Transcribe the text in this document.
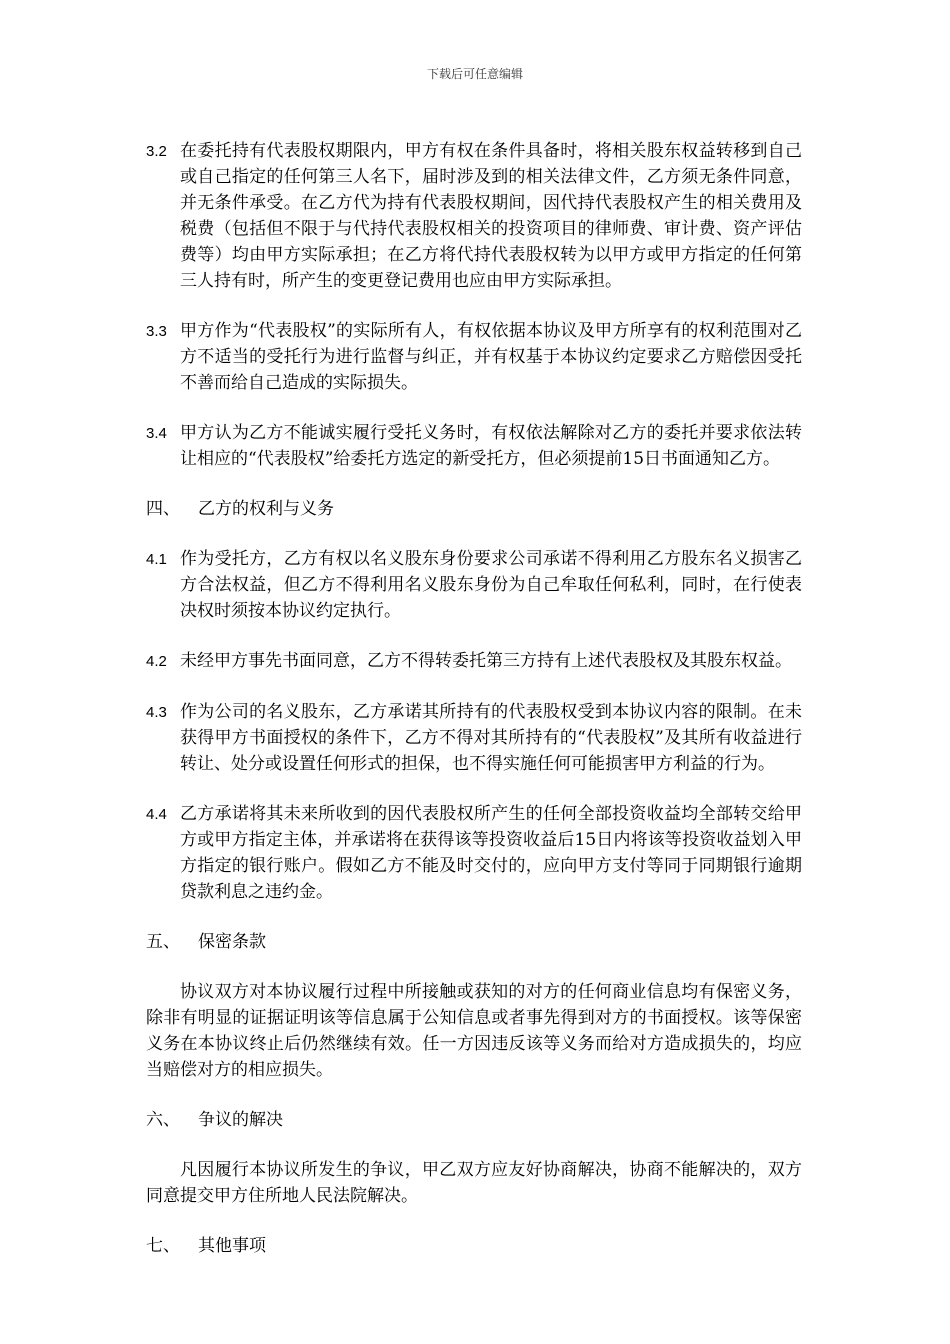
下载后可任意编辑
3.2 在委托持有代表股权期限内，甲方有权在条件具备时，将相关股东权益转移到自己或自己指定的任何第三人名下，届时涉及到的相关法律文件，乙方须无条件同意，并无条件承受。在乙方代为持有代表股权期间，因代持代表股权产生的相关费用及税费（包括但不限于与代持代表股权相关的投资项目的律师费、审计费、资产评估费等）均由甲方实际承担；在乙方将代持代表股权转为以甲方或甲方指定的任何第三人持有时，所产生的变更登记费用也应由甲方实际承担。
3.3 甲方作为“代表股权”的实际所有人，有权依据本协议及甲方所享有的权利范围对乙方不适当的受托行为进行监督与纠正，并有权基于本协议约定要求乙方赔偿因受托不善而给自己造成的实际损失。
3.4 甲方认为乙方不能诚实履行受托义务时，有权依法解除对乙方的委托并要求依法转让相应的“代表股权”给委托方选定的新受托方，但必须提前15日书面通知乙方。
四、	乙方的权利与义务
4.1 作为受托方，乙方有权以名义股东身份要求公司承诺不得利用乙方股东名义损害乙方合法权益，但乙方不得利用名义股东身份为自己牟取任何私利，同时，在行使表决权时须按本协议约定执行。
4.2 未经甲方事先书面同意，乙方不得转委托第三方持有上述代表股权及其股东权益。
4.3 作为公司的名义股东，乙方承诺其所持有的代表股权受到本协议内容的限制。在未获得甲方书面授权的条件下，乙方不得对其所持有的“代表股权”及其所有收益进行转让、处分或设置任何形式的担保，也不得实施任何可能损害甲方利益的行为。
4.4 乙方承诺将其未来所收到的因代表股权所产生的任何全部投资收益均全部转交给甲方或甲方指定主体，并承诺将在获得该等投资收益后15日内将该等投资收益划入甲方指定的银行账户。假如乙方不能及时交付的，应向甲方支付等同于同期银行逾期贷款利息之违约金。
五、	保密条款
协议双方对本协议履行过程中所接触或获知的对方的任何商业信息均有保密义务，除非有明显的证据证明该等信息属于公知信息或者事先得到对方的书面授权。该等保密义务在本协议终止后仍然继续有效。任一方因违反该等义务而给对方造成损失的，均应当赔偿对方的相应损失。
六、	争议的解决
凡因履行本协议所发生的争议，甲乙双方应友好协商解决，协商不能解决的，双方同意提交甲方住所地人民法院解决。
七、	其他事项
